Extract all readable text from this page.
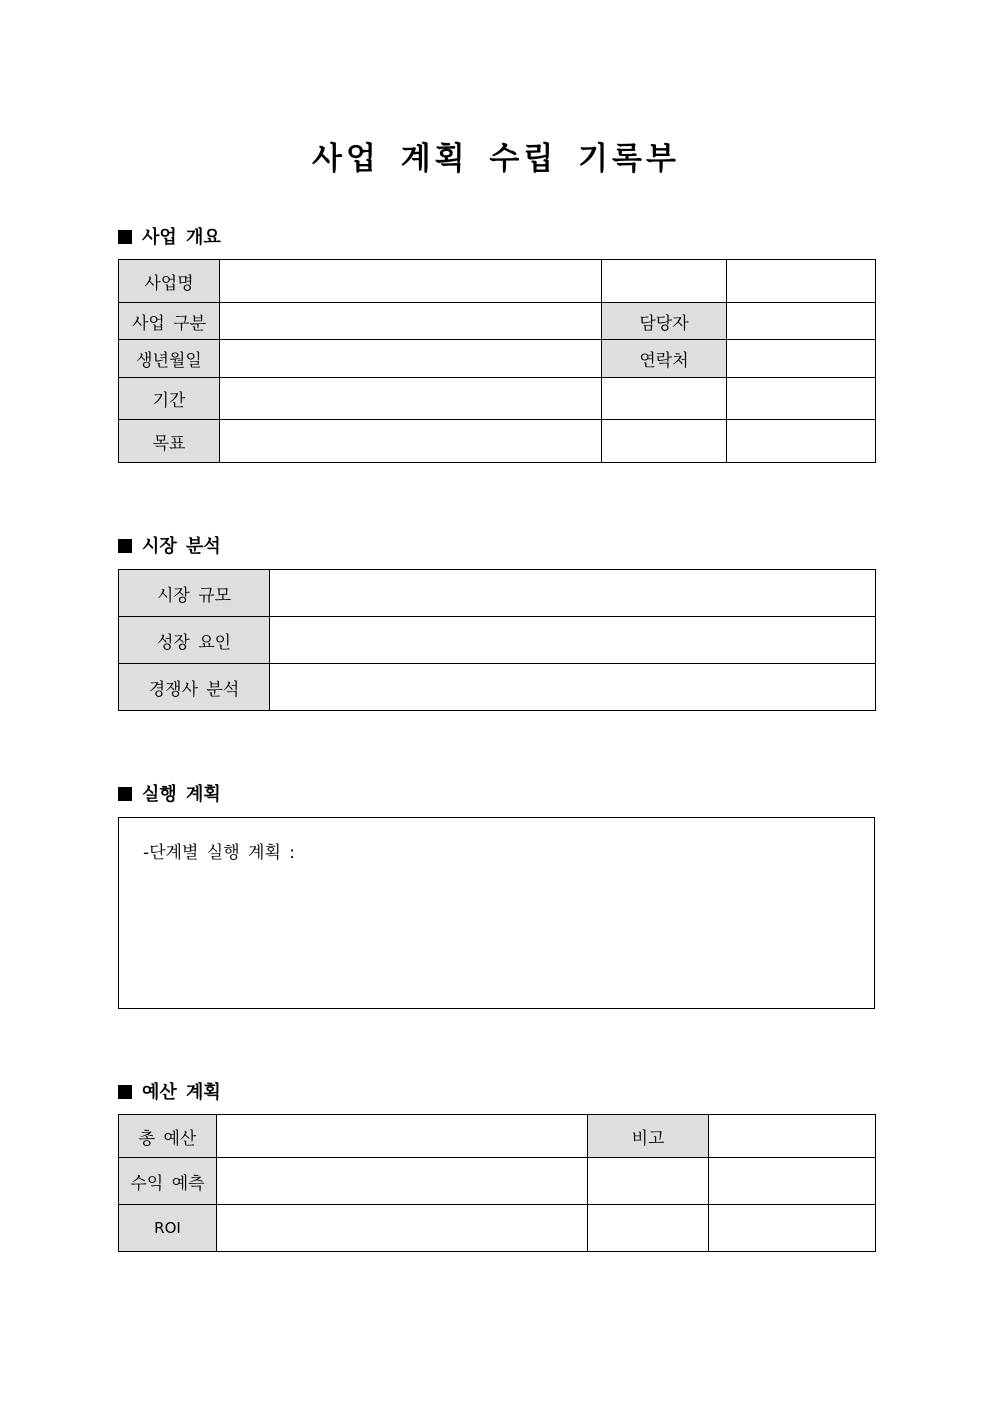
사업 계획 수립 기록부
사업 개요
사업명			
사업 구분		담당자	
생년월일		연락처	
기간			
목표			
시장 분석
시장 규모	
성장 요인	
경쟁사 분석	
실행 계획
-단계별 실행 계획 :
예산 계획
총 예산		비고	
수익 예측			
ROI			
